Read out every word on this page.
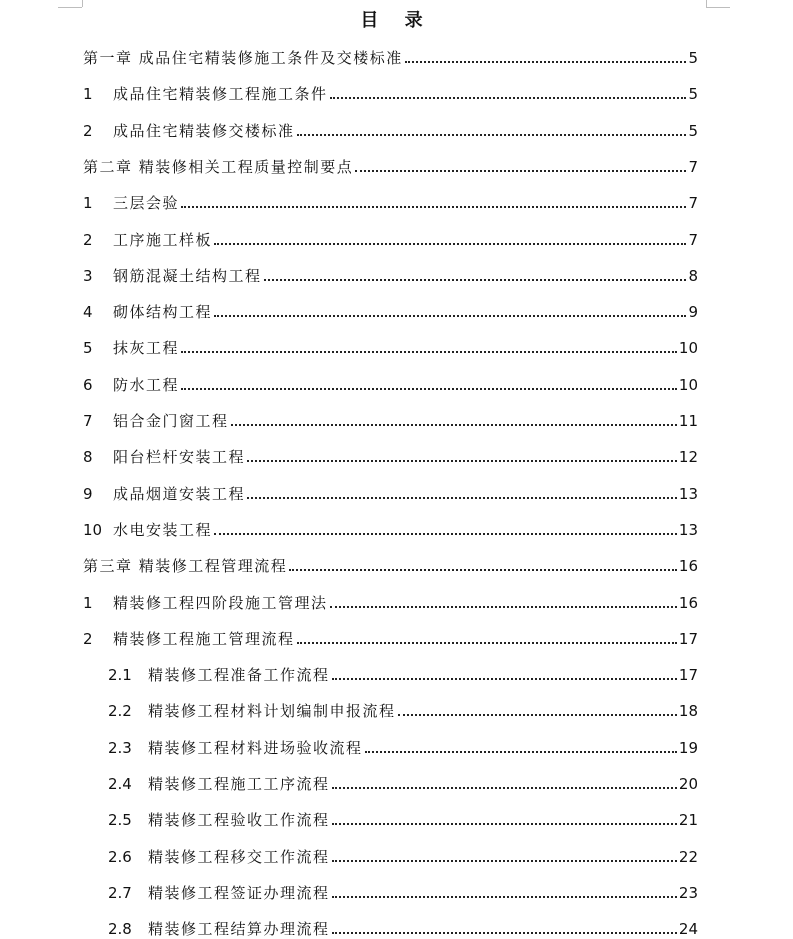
目 录
第一章 成品住宅精装修施工条件及交楼标准	5
1	成品住宅精装修工程施工条件	5
2	成品住宅精装修交楼标准	5
第二章 精装修相关工程质量控制要点	7
1	三层会验	7
2	工序施工样板	7
3	钢筋混凝土结构工程	8
4	砌体结构工程	9
5	抹灰工程	10
6	防水工程	10
7	铝合金门窗工程	11
8	阳台栏杆安装工程	12
9	成品烟道安装工程	13
10 水电安装工程	13
第三章 精装修工程管理流程	16
1	精装修工程四阶段施工管理法	16
2	精装修工程施工管理流程	17
2.1	精装修工程准备工作流程	17
2.2	精装修工程材料计划编制申报流程	18
2.3	精装修工程材料进场验收流程	19
2.4	精装修工程施工工序流程	20
2.5	精装修工程验收工作流程	21
2.6	精装修工程移交工作流程	22
2.7	精装修工程签证办理流程	23
2.8	精装修工程结算办理流程	24
